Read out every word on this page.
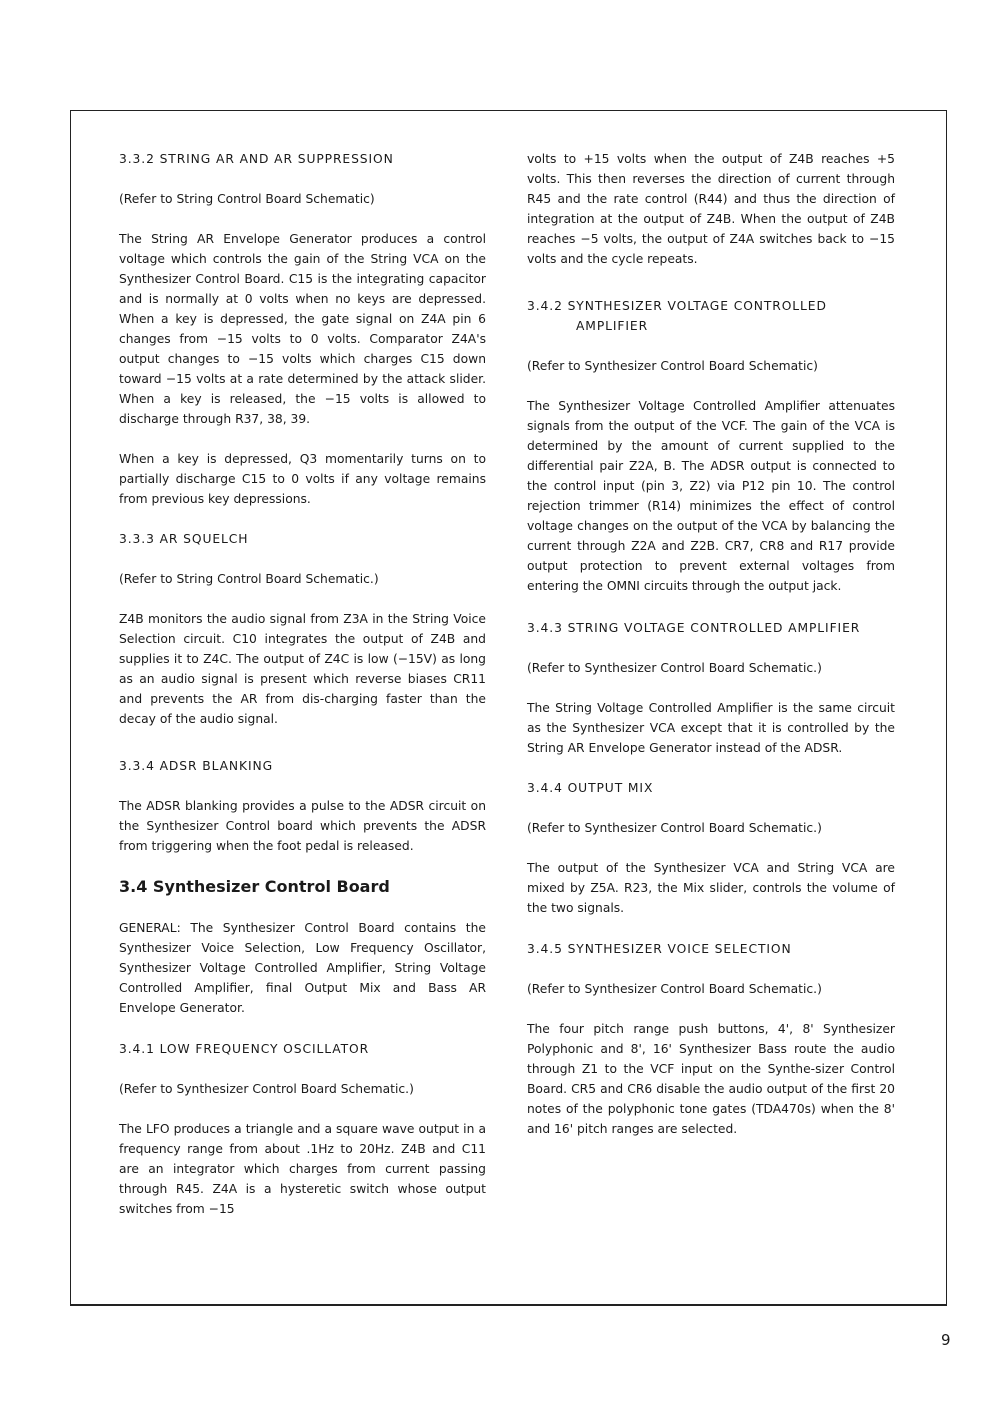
3.3.2 STRING AR AND AR SUPPRESSION

(Refer to String Control Board Schematic)

The String AR Envelope Generator produces a control voltage which controls the gain of the String VCA on the Synthesizer Control Board. C15 is the integrating capacitor and is normally at 0 volts when no keys are depressed. When a key is depressed, the gate signal on Z4A pin 6 changes from −15 volts to 0 volts. Comparator Z4A's output changes to −15 volts which charges C15 down toward −15 volts at a rate determined by the attack slider. When a key is released, the −15 volts is allowed to discharge through R37, 38, 39.

When a key is depressed, Q3 momentarily turns on to partially discharge C15 to 0 volts if any voltage remains from previous key depressions.

3.3.3 AR SQUELCH

(Refer to String Control Board Schematic.)

Z4B monitors the audio signal from Z3A in the String Voice Selection circuit. C10 integrates the output of Z4B and supplies it to Z4C. The output of Z4C is low (−15V) as long as an audio signal is present which reverse biases CR11 and prevents the AR from dis-charging faster than the decay of the audio signal.

3.3.4 ADSR BLANKING

The ADSR blanking provides a pulse to the ADSR circuit on the Synthesizer Control board which prevents the ADSR from triggering when the foot pedal is released.

3.4 Synthesizer Control Board

GENERAL: The Synthesizer Control Board contains the Synthesizer Voice Selection, Low Frequency Oscillator, Synthesizer Voltage Controlled Amplifier, String Voltage Controlled Amplifier, final Output Mix and Bass AR Envelope Generator.

3.4.1 LOW FREQUENCY OSCILLATOR

(Refer to Synthesizer Control Board Schematic.)

The LFO produces a triangle and a square wave output in a frequency range from about .1Hz to 20Hz. Z4B and C11 are an integrator which charges from current passing through R45. Z4A is a hysteretic switch whose output switches from −15

volts to +15 volts when the output of Z4B reaches +5 volts. This then reverses the direction of current through R45 and the rate control (R44) and thus the direction of integration at the output of Z4B. When the output of Z4B reaches −5 volts, the output of Z4A switches back to −15 volts and the cycle repeats.

3.4.2 SYNTHESIZER VOLTAGE CONTROLLED AMPLIFIER

(Refer to Synthesizer Control Board Schematic)

The Synthesizer Voltage Controlled Amplifier attenuates signals from the output of the VCF. The gain of the VCA is determined by the amount of current supplied to the differential pair Z2A, B. The ADSR output is connected to the control input (pin 3, Z2) via P12 pin 10. The control rejection trimmer (R14) minimizes the effect of control voltage changes on the output of the VCA by balancing the current through Z2A and Z2B. CR7, CR8 and R17 provide output protection to prevent external voltages from entering the OMNI circuits through the output jack.

3.4.3 STRING VOLTAGE CONTROLLED AMPLIFIER

(Refer to Synthesizer Control Board Schematic.)

The String Voltage Controlled Amplifier is the same circuit as the Synthesizer VCA except that it is controlled by the String AR Envelope Generator instead of the ADSR.

3.4.4 OUTPUT MIX

(Refer to Synthesizer Control Board Schematic.)

The output of the Synthesizer VCA and String VCA are mixed by Z5A. R23, the Mix slider, controls the volume of the two signals.

3.4.5 SYNTHESIZER VOICE SELECTION

(Refer to Synthesizer Control Board Schematic.)

The four pitch range push buttons, 4', 8' Synthesizer Polyphonic and 8', 16' Synthesizer Bass route the audio through Z1 to the VCF input on the Synthe-sizer Control Board. CR5 and CR6 disable the audio output of the first 20 notes of the polyphonic tone gates (TDA470s) when the 8' and 16' pitch ranges are selected.

9
